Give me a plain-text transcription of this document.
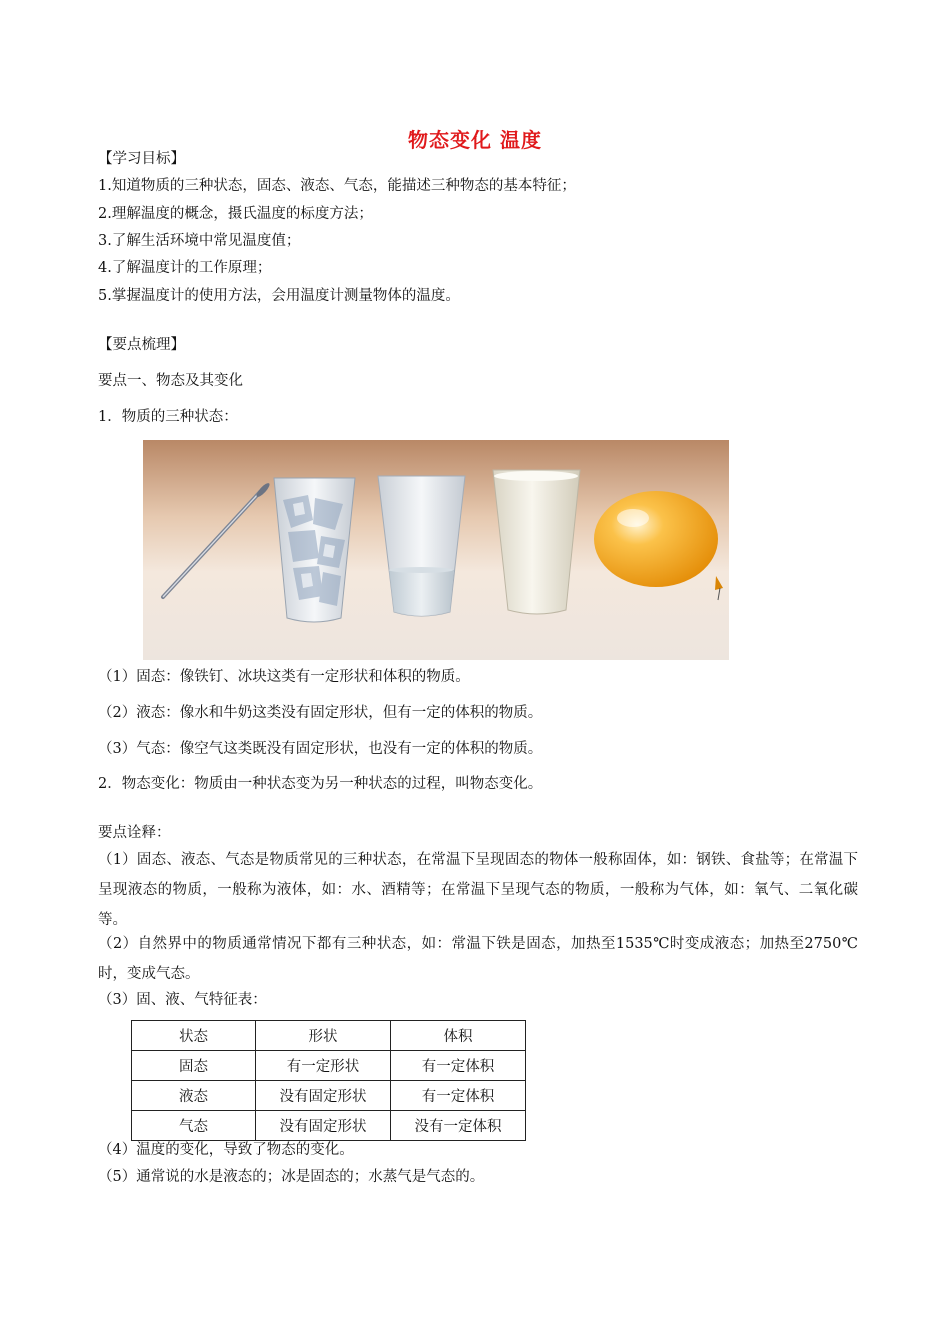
物态变化 温度
【学习目标】
1.知道物质的三种状态，固态、液态、气态，能描述三种物态的基本特征；
2.理解温度的概念，摄氏温度的标度方法；
3.了解生活环境中常见温度值；
4.了解温度计的工作原理；
5.掌握温度计的使用方法，会用温度计测量物体的温度。
【要点梳理】
要点一、物态及其变化
1．物质的三种状态：
（1）固态：像铁钉、冰块这类有一定形状和体积的物质。
（2）液态：像水和牛奶这类没有固定形状，但有一定的体积的物质。
（3）气态：像空气这类既没有固定形状，也没有一定的体积的物质。
2．物态变化：物质由一种状态变为另一种状态的过程，叫物态变化。
要点诠释：
（1）固态、液态、气态是物质常见的三种状态，在常温下呈现固态的物体一般称固体，如：钢铁、食盐等；在常温下呈现液态的物质，一般称为液体，如：水、酒精等；在常温下呈现气态的物质，一般称为气体，如：氧气、二氧化碳等。
（2）自然界中的物质通常情况下都有三种状态，如：常温下铁是固态，加热至1535℃时变成液态；加热至2750℃时，变成气态。
（3）固、液、气特征表：
状态	形状	体积
固态	有一定形状	有一定体积
液态	没有固定形状	有一定体积
气态	没有固定形状	没有一定体积
（4）温度的变化，导致了物态的变化。
（5）通常说的水是液态的；冰是固态的；水蒸气是气态的。
